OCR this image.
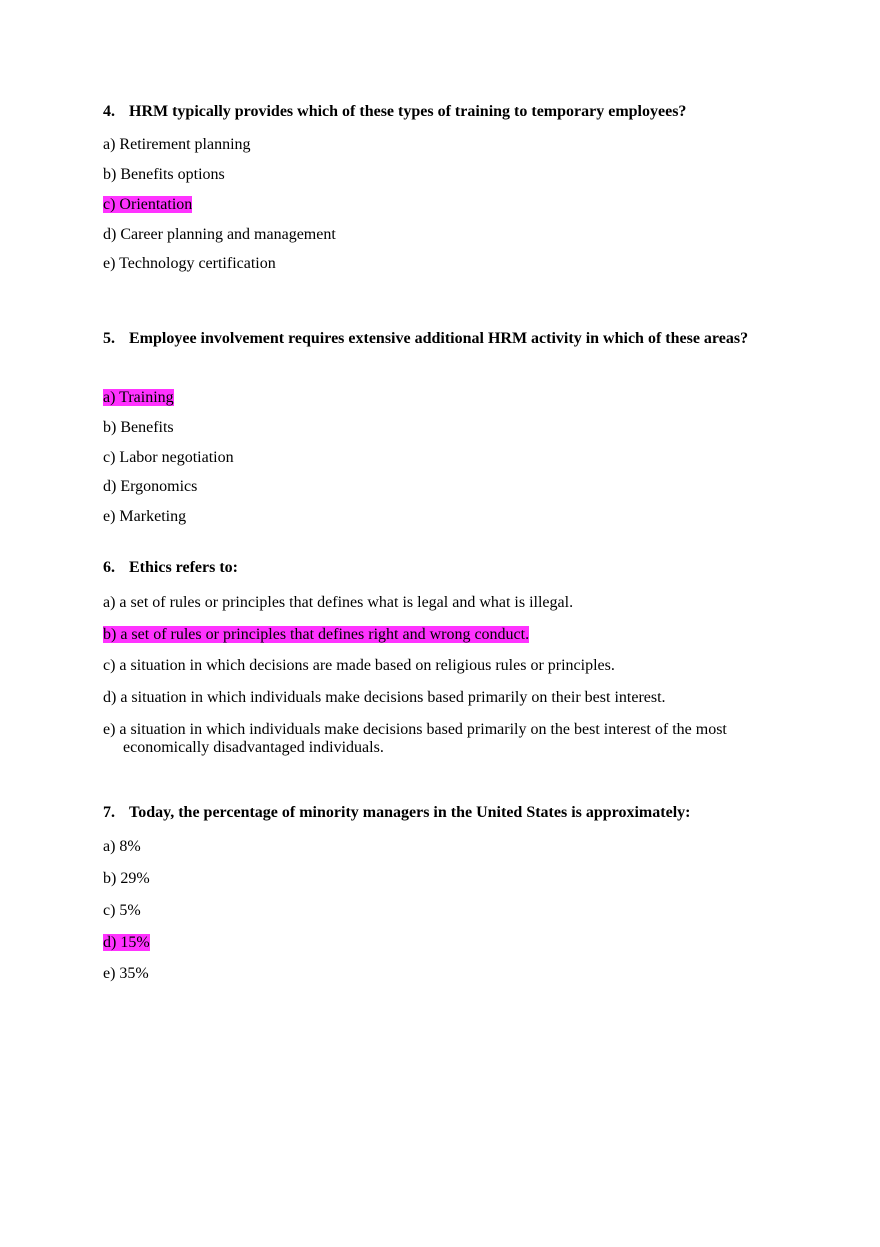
4. HRM typically provides which of these types of training to temporary employees?

a) Retirement planning
b) Benefits options
c) Orientation
d) Career planning and management
e) Technology certification

5. Employee involvement requires extensive additional HRM activity in which of these areas?

a) Training
b) Benefits
c) Labor negotiation
d) Ergonomics
e) Marketing

6. Ethics refers to:

a) a set of rules or principles that defines what is legal and what is illegal.
b) a set of rules or principles that defines right and wrong conduct.
c) a situation in which decisions are made based on religious rules or principles.
d) a situation in which individuals make decisions based primarily on their best interest.
e) a situation in which individuals make decisions based primarily on the best interest of the most economically disadvantaged individuals.

7. Today, the percentage of minority managers in the United States is approximately:

a) 8%
b) 29%
c) 5%
d) 15%
e) 35%
